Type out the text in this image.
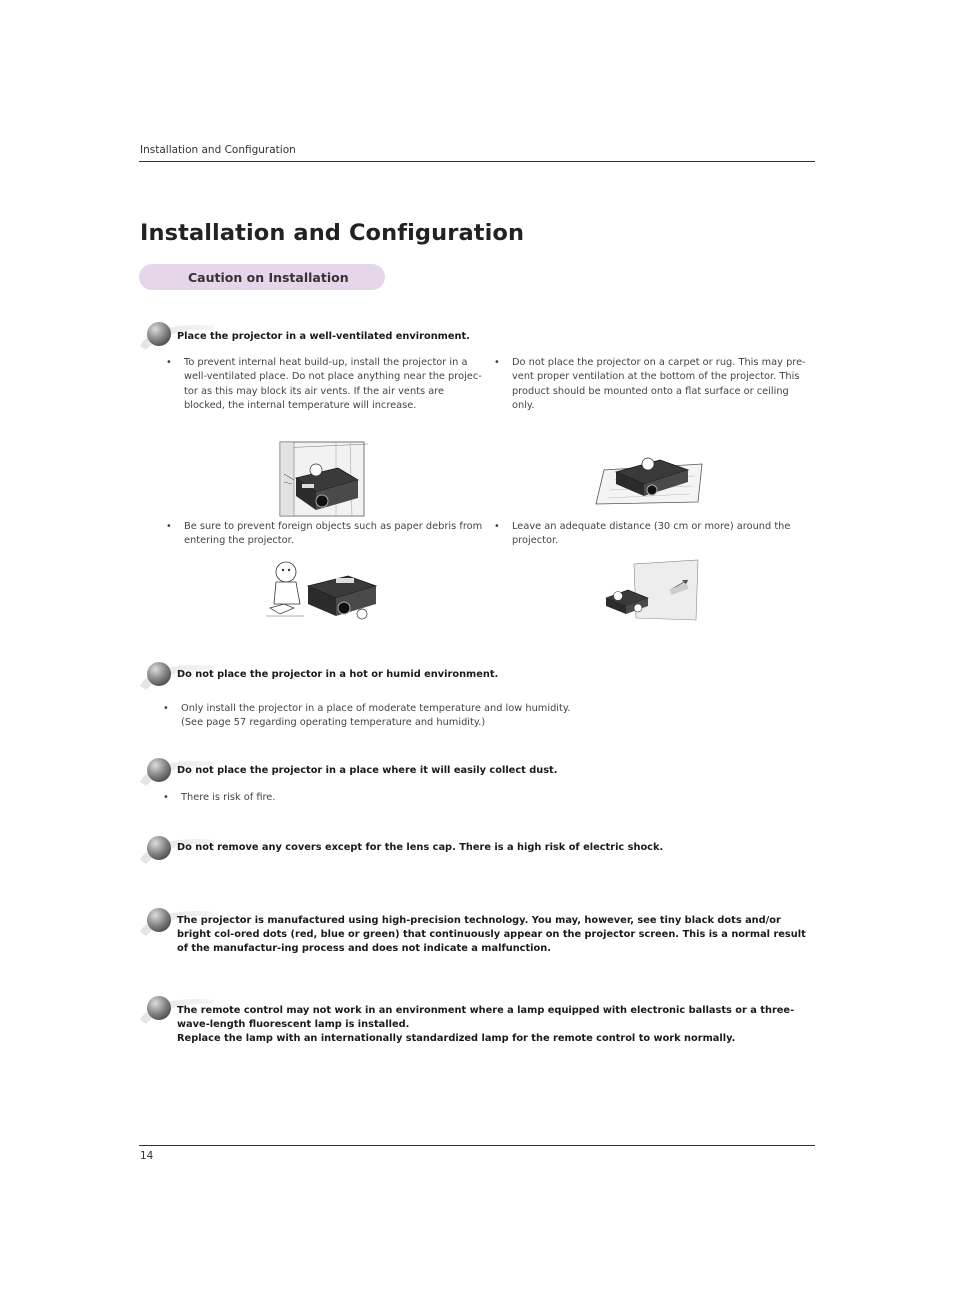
Installation and Configuration
Installation and Configuration
Caution on Installation
Place the projector in a well-ventilated environment.
• To prevent internal heat build-up, install the projector in a well-ventilated place. Do not place anything near the projec-tor as this may block its air vents. If the air vents are blocked, the internal temperature will increase.
• Do not place the projector on a carpet or rug. This may pre-vent proper ventilation at the bottom of the projector. This product should be mounted onto a flat surface or ceiling only.
• Be sure to prevent foreign objects such as paper debris from entering the projector.
• Leave an adequate distance (30 cm or more) around the projector.
Do not place the projector in a hot or humid environment.
• Only install the projector in a place of moderate temperature and low humidity. (See page 57 regarding operating temperature and humidity.)
Do not place the projector in a place where it will easily collect dust.
• There is risk of fire.
Do not remove any covers except for the lens cap. There is a high risk of electric shock.
The projector is manufactured using high-precision technology. You may, however, see tiny black dots and/or bright col-ored dots (red, blue or green) that continuously appear on the projector screen. This is a normal result of the manufactur-ing process and does not indicate a malfunction.
The remote control may not work in an environment where a lamp equipped with electronic ballasts or a three-wave-length fluorescent lamp is installed.
Replace the lamp with an internationally standardized lamp for the remote control to work normally.
14
